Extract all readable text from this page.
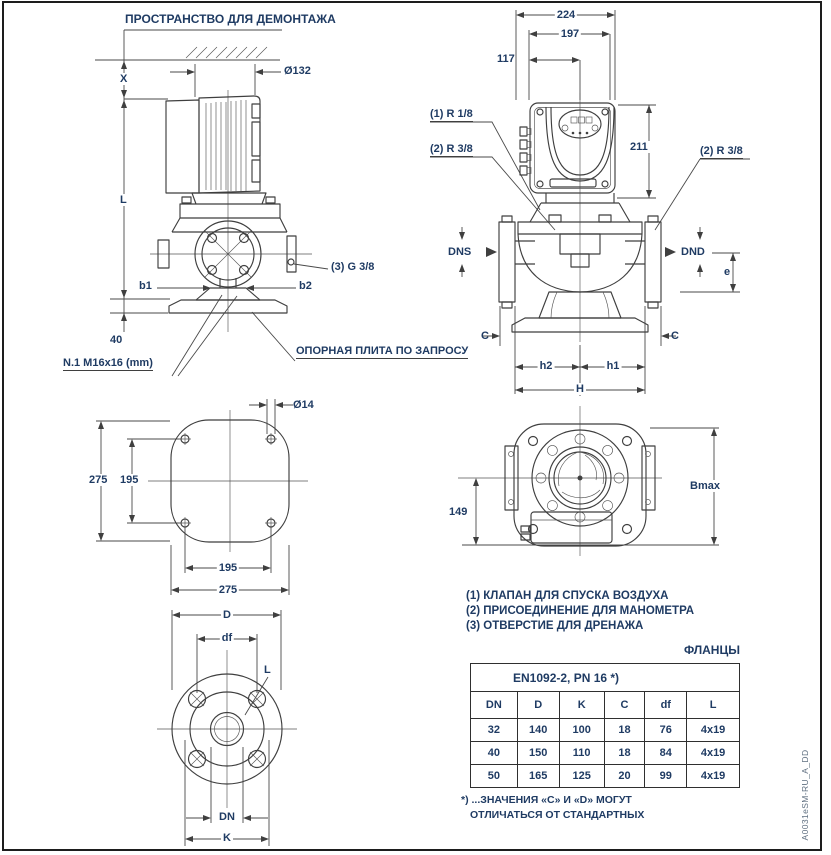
ПРОСТРАНСТВО ДЛЯ ДЕМОНТАЖА
Ø132
X
L
b1	b2
(3) G 3/8
40
ОПОРНАЯ ПЛИТА ПО ЗАПРОСУ
N.1 M16x16 (mm)
224
197
117
(1) R 1/8
(2) R 3/8	(2) R 3/8
211
DNS	DND
e
C	C
h2	h1
H
Ø14
275 195
195
275
149
Bmax
D
df
L
DN
K
(1) КЛАПАН ДЛЯ СПУСКА ВОЗДУХА
(2) ПРИСОЕДИНЕНИЕ ДЛЯ МАНОМЕТРА
(3) ОТВЕРСТИЕ ДЛЯ ДРЕНАЖА
ФЛАНЦЫ
EN1092-2, PN 16 *)					
DN	D	K	C	df	L
32	140	100	18	76	4x19
40	150	110	18	84	4x19
50	165	125	20	99	4x19
*) ...ЗНАЧЕНИЯ «С» И «D» МОГУТ
ОТЛИЧАТЬСЯ ОТ СТАНДАРТНЫХ	A0031eSM-RU_A_DD
